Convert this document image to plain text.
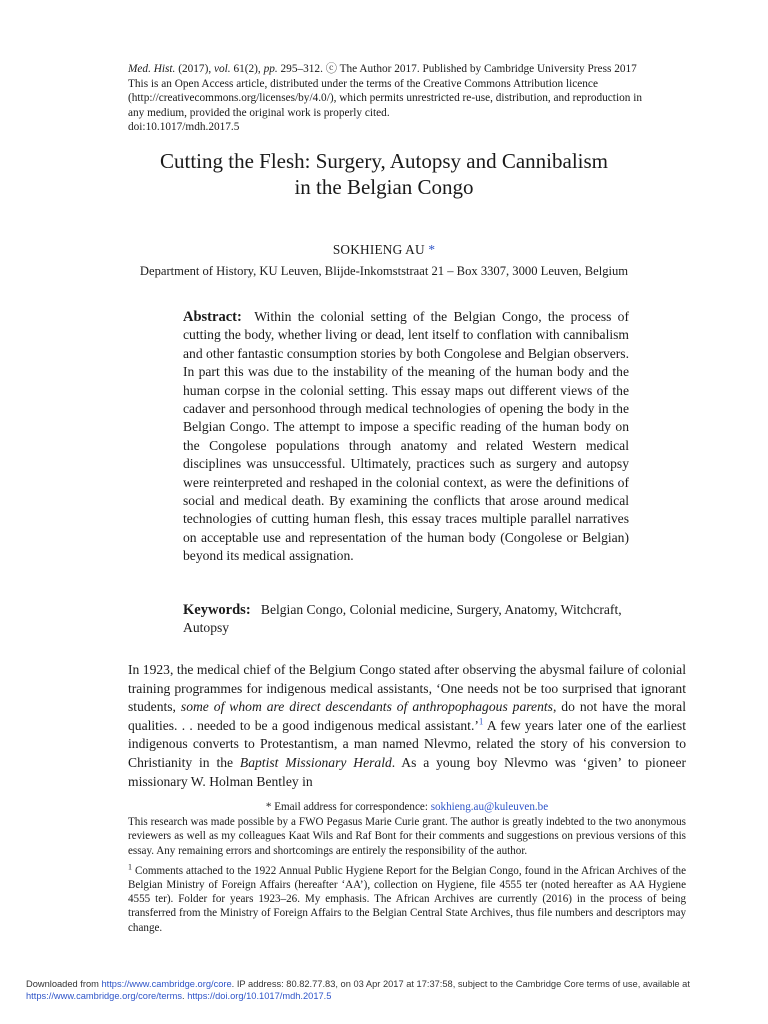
Med. Hist. (2017), vol. 61(2), pp. 295–312. ⓒ The Author 2017. Published by Cambridge University Press 2017
This is an Open Access article, distributed under the terms of the Creative Commons Attribution licence
(http://creativecommons.org/licenses/by/4.0/), which permits unrestricted re-use, distribution, and reproduction in
any medium, provided the original work is properly cited.
doi:10.1017/mdh.2017.5
Cutting the Flesh: Surgery, Autopsy and Cannibalism
in the Belgian Congo
SOKHIENG AU *
Department of History, KU Leuven, Blijde-Inkomststraat 21 – Box 3307, 3000 Leuven, Belgium
Abstract: Within the colonial setting of the Belgian Congo, the process of cutting the body, whether living or dead, lent itself to conflation with cannibalism and other fantastic consumption stories by both Congolese and Belgian observers. In part this was due to the instability of the meaning of the human body and the human corpse in the colonial setting. This essay maps out different views of the cadaver and personhood through medical technologies of opening the body in the Belgian Congo. The attempt to impose a specific reading of the human body on the Congolese populations through anatomy and related Western medical disciplines was unsuccessful. Ultimately, practices such as surgery and autopsy were reinterpreted and reshaped in the colonial context, as were the definitions of social and medical death. By examining the conflicts that arose around medical technologies of cutting human flesh, this essay traces multiple parallel narratives on acceptable use and representation of the human body (Congolese or Belgian) beyond its medical assignation.
Keywords: Belgian Congo, Colonial medicine, Surgery, Anatomy, Witchcraft, Autopsy

In 1923, the medical chief of the Belgium Congo stated after observing the abysmal failure of colonial training programmes for indigenous medical assistants, ‘One needs not be too surprised that ignorant students, some of whom are direct descendants of anthropophagous parents, do not have the moral qualities. . . needed to be a good indigenous medical assistant.’$^1$ A few years later one of the earliest indigenous converts to Protestantism, a man named Nlevmo, related the story of his conversion to Christianity in the Baptist Missionary Herald. As a young boy Nlevmo was ‘given’ to pioneer missionary W. Holman Bentley in

* Email address for correspondence: sokhieng.au@kuleuven.be

This research was made possible by a FWO Pegasus Marie Curie grant. The author is greatly indebted to the two anonymous reviewers as well as my colleagues Kaat Wils and Raf Bont for their comments and suggestions on previous versions of this essay. Any remaining errors and shortcomings are entirely the responsibility of the author.

$^1$ Comments attached to the 1922 Annual Public Hygiene Report for the Belgian Congo, found in the African Archives of the Belgian Ministry of Foreign Affairs (hereafter ‘AA’), collection on Hygiene, file 4555 ter (noted hereafter as AA Hygiene 4555 ter). Folder for years 1923–26. My emphasis. The African Archives are currently (2016) in the process of being transferred from the Ministry of Foreign Affairs to the Belgian Central State Archives, thus file numbers and descriptors may change.

Downloaded from https://www.cambridge.org/core. IP address: 80.82.77.83, on 03 Apr 2017 at 17:37:58, subject to the Cambridge Core terms of use, available at
https://www.cambridge.org/core/terms. https://doi.org/10.1017/mdh.2017.5
